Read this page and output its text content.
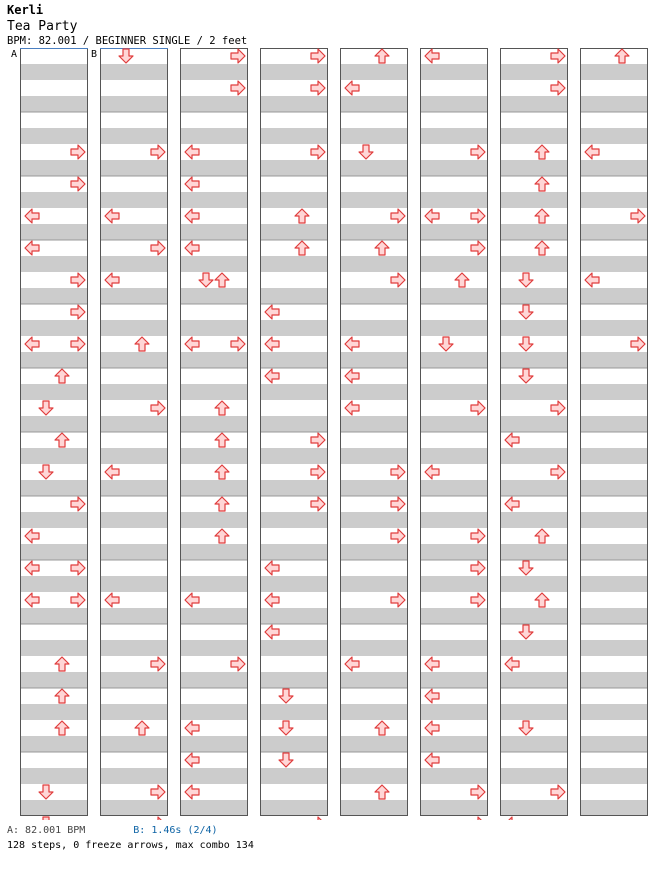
Kerli
Tea Party
BPM: 82.001 / BEGINNER SINGLE / 2 feet
A	B
A: 82.001 BPM	B: 1.46s (2/4)
128 steps, 0 freeze arrows, max combo 134
